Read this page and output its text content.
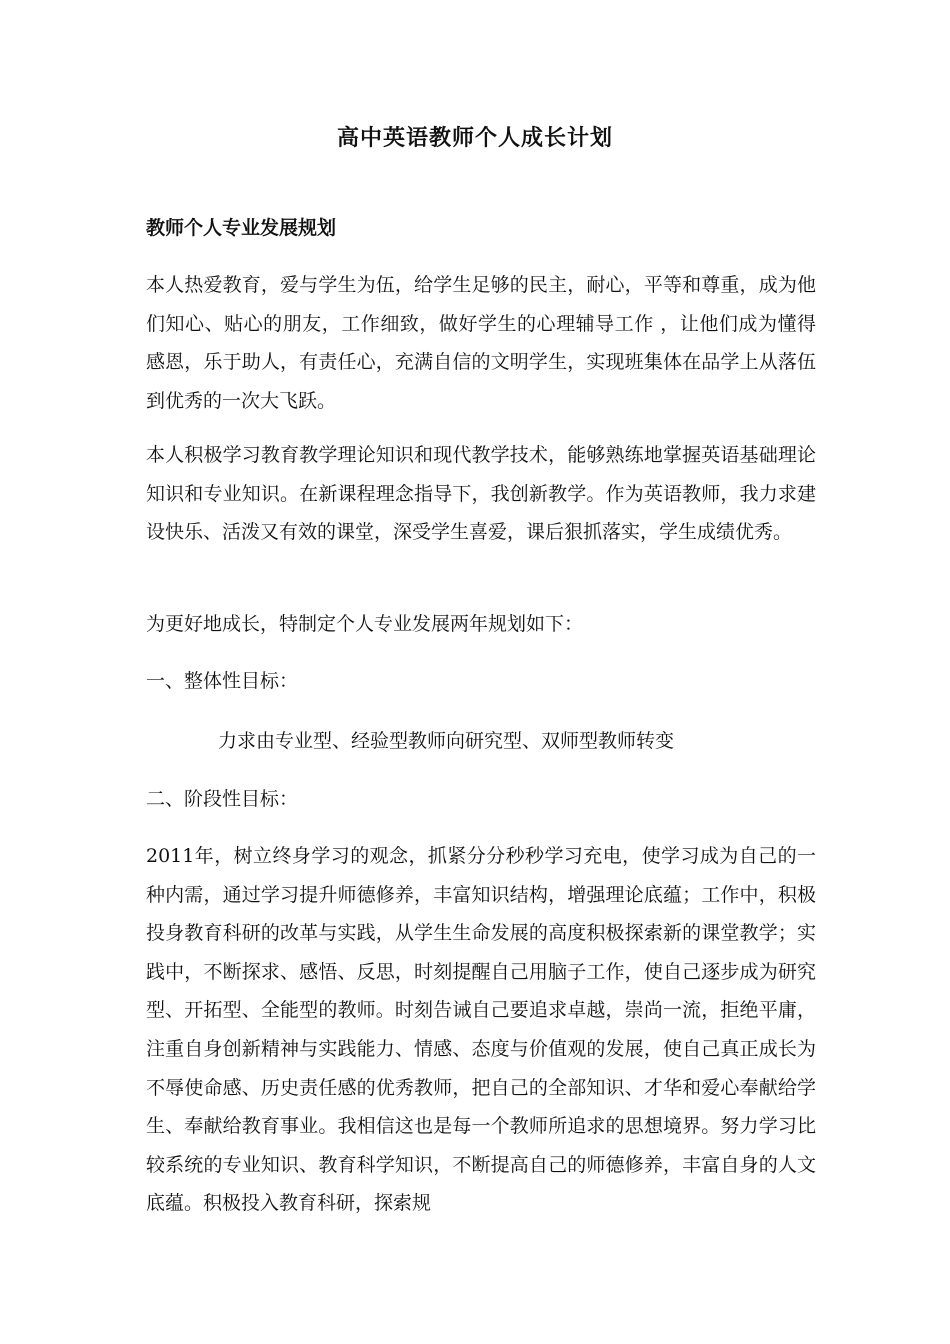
高中英语教师个人成长计划
教师个人专业发展规划
本人热爱教育，爱与学生为伍，给学生足够的民主，耐心，平等和尊重，成为他们知心、贴心的朋友，工作细致，做好学生的心理辅导工作 ，让他们成为懂得感恩，乐于助人，有责任心，充满自信的文明学生，实现班集体在品学上从落伍到优秀的一次大飞跃。
本人积极学习教育教学理论知识和现代教学技术，能够熟练地掌握英语基础理论知识和专业知识。在新课程理念指导下，我创新教学。作为英语教师，我力求建设快乐、活泼又有效的课堂，深受学生喜爱，课后狠抓落实，学生成绩优秀。
为更好地成长，特制定个人专业发展两年规划如下：
一、整体性目标：
力求由专业型、经验型教师向研究型、双师型教师转变
二、阶段性目标：
2011年，树立终身学习的观念，抓紧分分秒秒学习充电，使学习成为自己的一种内需，通过学习提升师德修养，丰富知识结构，增强理论底蕴；工作中，积极投身教育科研的改革与实践，从学生生命发展的高度积极探索新的课堂教学；实践中，不断探求、感悟、反思，时刻提醒自己用脑子工作，使自己逐步成为研究型、开拓型、全能型的教师。时刻告诫自己要追求卓越，崇尚一流，拒绝平庸，注重自身创新精神与实践能力、情感、态度与价值观的发展，使自己真正成长为不辱使命感、历史责任感的优秀教师，把自己的全部知识、才华和爱心奉献给学生、奉献给教育事业。我相信这也是每一个教师所追求的思想境界。努力学习比较系统的专业知识、教育科学知识，不断提高自己的师德修养，丰富自身的人文底蕴。积极投入教育科研，探索规
